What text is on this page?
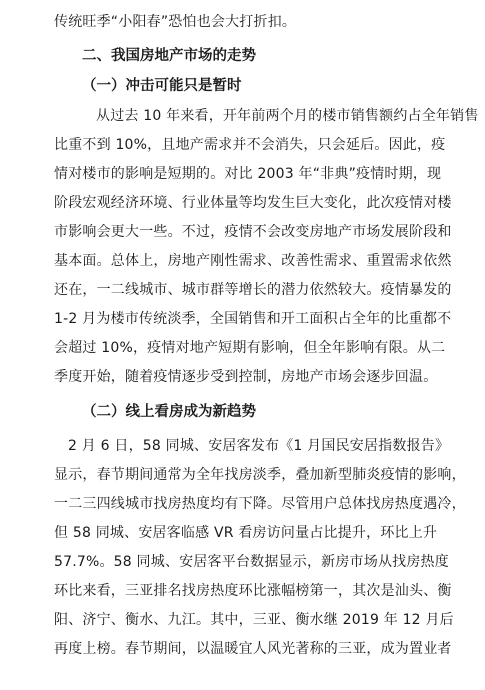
传统旺季“小阳春”恐怕也会大打折扣。
二、我国房地产市场的走势
（一）冲击可能只是暂时
从过去 10 年来看，开年前两个月的楼市销售额约占全年销售
比重不到 10%，且地产需求并不会消失，只会延后。因此，疫
情对楼市的影响是短期的。对比 2003 年“非典”疫情时期，现
阶段宏观经济环境、行业体量等均发生巨大变化，此次疫情对楼
市影响会更大一些。不过，疫情不会改变房地产市场发展阶段和
基本面。总体上，房地产刚性需求、改善性需求、重置需求依然
还在，一二线城市、城市群等增长的潜力依然较大。疫情暴发的
1-2 月为楼市传统淡季，全国销售和开工面积占全年的比重都不
会超过 10%，疫情对地产短期有影响，但全年影响有限。从二
季度开始，随着疫情逐步受到控制，房地产市场会逐步回温。
（二）线上看房成为新趋势
2 月 6 日，58 同城、安居客发布《1 月国民安居指数报告》
显示，春节期间通常为全年找房淡季，叠加新型肺炎疫情的影响，
一二三四线城市找房热度均有下降。尽管用户总体找房热度遇冷，
但 58 同城、安居客临感 VR 看房访问量占比提升，环比上升
57.7%。58 同城、安居客平台数据显示，新房市场从找房热度
环比来看，三亚排名找房热度环比涨幅榜第一，其次是汕头、衡
阳、济宁、衡水、九江。其中，三亚、衡水继 2019 年 12 月后
再度上榜。春节期间，以温暖宜人风光著称的三亚，成为置业者
